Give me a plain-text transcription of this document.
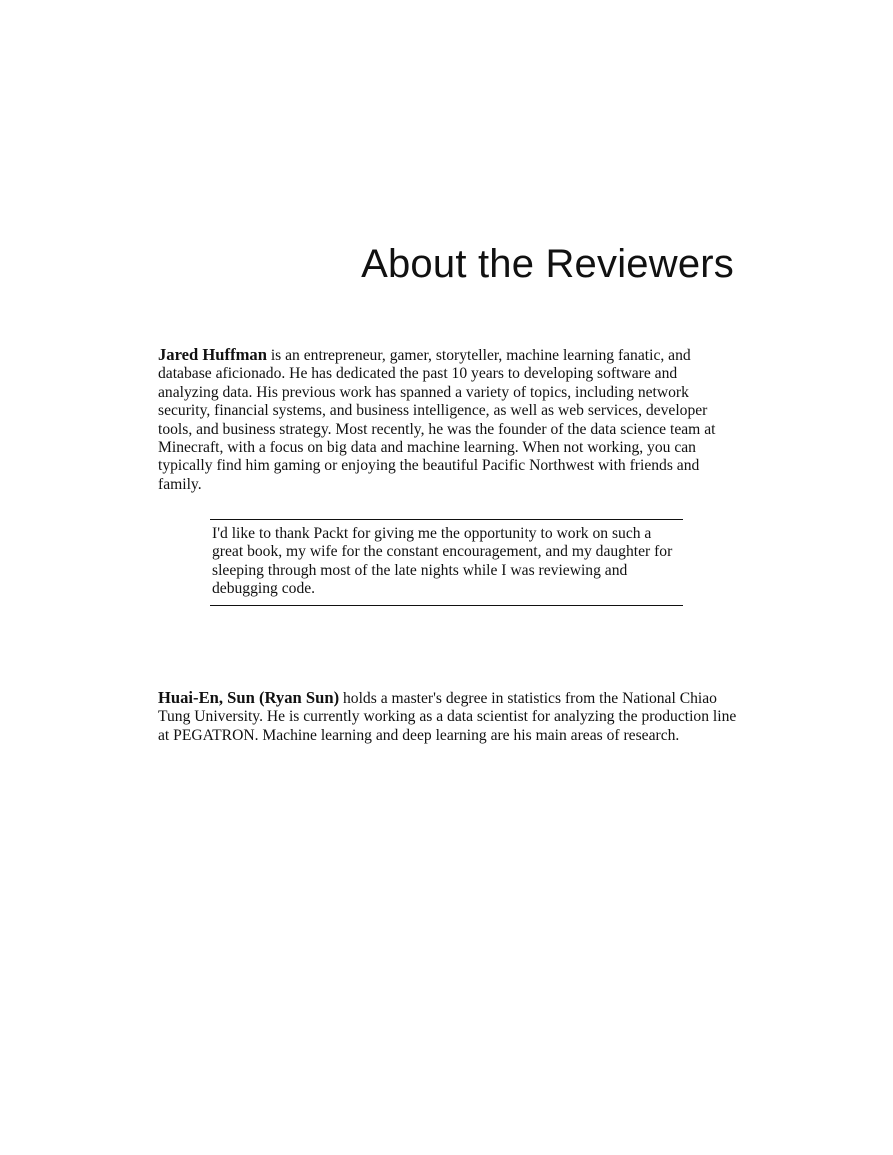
About the Reviewers

Jared Huffman is an entrepreneur, gamer, storyteller, machine learning fanatic, and database aficionado. He has dedicated the past 10 years to developing software and analyzing data. His previous work has spanned a variety of topics, including network security, financial systems, and business intelligence, as well as web services, developer tools, and business strategy. Most recently, he was the founder of the data science team at Minecraft, with a focus on big data and machine learning. When not working, you can typically find him gaming or enjoying the beautiful Pacific Northwest with friends and family.

I'd like to thank Packt for giving me the opportunity to work on such a great book, my wife for the constant encouragement, and my daughter for sleeping through most of the late nights while I was reviewing and debugging code.

Huai-En, Sun (Ryan Sun) holds a master's degree in statistics from the National Chiao Tung University. He is currently working as a data scientist for analyzing the production line at PEGATRON. Machine learning and deep learning are his main areas of research.
